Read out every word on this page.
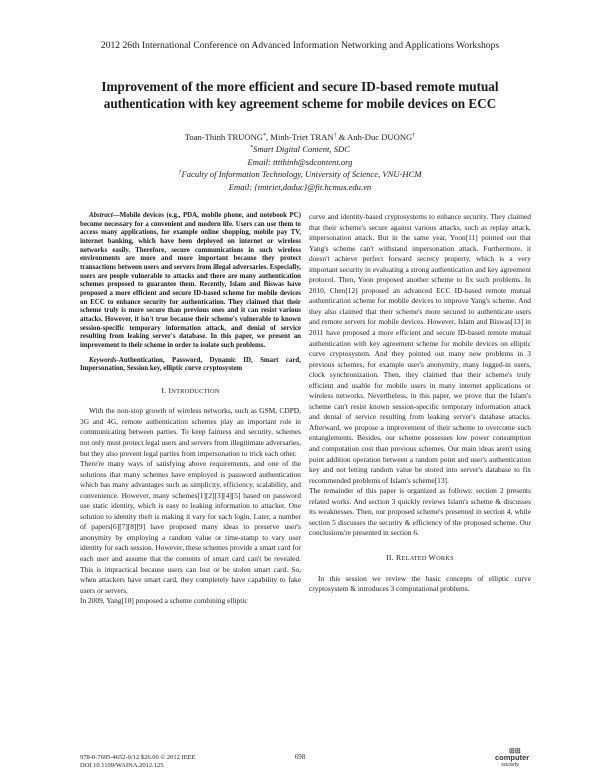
2012 26th International Conference on Advanced Information Networking and Applications Workshops
Improvement of the more efficient and secure ID-based remote mutual
authentication with key agreement scheme for mobile devices on ECC
Toan-Thinh TRUONG*, Minh-Triet TRAN† & Anh-Duc DUONG†
*Smart Digital Content, SDC
Email: tttthinh@sdcontent.org
†Faculty of Information Technology, University of Science, VNU-HCM
Email: {tmtriet,daduc}@fit.hcmus.edu.vn

Abstract—Mobile devices (e.g., PDA, mobile phone, and notebook PC) become necessary for a convenient and modern life. Users can use them to access many applications, for example online shopping, mobile pay TV, internet banking, which have been deployed on internet or wireless networks easily. Therefore, secure communications in such wireless environments are more and more important because they protect transactions between users and servers from illegal adversaries. Especially, users are people vulnerable to attacks and there are many authentication schemes proposed to guarantee them. Recently, Islam and Biswas have proposed a more efficient and secure ID-based scheme for mobile devices on ECC to enhance security for authentication. They claimed that their scheme truly is more secure than previous ones and it can resist various attacks. However, it isn't true because their scheme's vulnerable to known session-specific temporary information attack, and denial of service resulting from leaking server's database. In this paper, we present an improvement to their scheme in order to isolate such problems.

Keywords-Authentication, Password, Dynamic ID, Smart card, Impersonation, Session key, elliptic curve cryptosystem

I. INTRODUCTION

With the non-stop growth of wireless networks, such as GSM, CDPD, 3G and 4G, remote authentication schemes play an important role in communicating between parties. To keep fairness and security, schemes not only must protect legal users and servers from illegitimate adversaries, but they also prevent legal parties from impersonation to trick each other.

There're many ways of satisfying above requirements, and one of the solutions that many schemes have employed is password authentication which has many advantages such as simplicity, efficiency, scalability, and convenience. However, many schemes[1][2][3][4][5] based on password use static identity, which is easy to leaking information to attacker. One solution to identity theft is making it vary for each login. Later, a number of papers[6][7][8][9] have proposed many ideas to preserve user's anonymity by employing a random value or time-stamp to vary user identity for each session. However, these schemes provide a smart card for each user and assume that the contents of smart card can't be revealed. This is impractical because users can lost or be stolen smart card. So, when attackers have smart card, they completely have capability to fake users or servers.

In 2009, Yang[10] proposed a scheme combining elliptic

curve and identity-based cryptosystems to enhance security. They claimed that their scheme's secure against various attacks, such as replay attack, impersonation attack. But in the same year, Yoon[11] pointed out that Yang's scheme can't withstand impersonation attack. Furthermore, it doesn't achieve perfect forward secrecy property, which is a very important security in evaluating a strong authentication and key agreement protocol. Then, Yoon proposed another scheme to fix such problems. In 2010, Chen[12] proposed an advanced ECC ID-based remote mutual authentication scheme for mobile devices to improve Yang's scheme. And they also claimed that their scheme's more secured to authenticate users and remote servers for mobile devices. However, Islam and Biswas[13] in 2011 have proposed a more efficient and secure ID-based remote mutual authentication with key agreement scheme for mobile devices on elliptic curve cryptosystem. And they pointed out many new problems in 3 previous schemes, for example user's anonymity, many logged-in users, clock synchronization. Then, they claimed that their scheme's truly efficient and usable for mobile users in many internet applications or wireless networks. Nevertheless, in this paper, we prove that the Islam's scheme can't resist known session-specific temporary information attack and denial of service resulting from leaking server's database attacks. Afterward, we propose a improvement of their scheme to overcome such entanglements. Besides, our scheme possesses low power consumption and computation cost than previous schemes. Our main ideas aren't using point addition operation between a random point and user's authentication key and not letting random value be stored into server's database to fix recommended problems of Islam's scheme[13].

The remainder of this paper is organized as follows: section 2 presents related works. And section 3 quickly reviews Islam's scheme & discusses its weaknesses. Then, our proposed scheme's presented in section 4, while section 5 discusses the security & efficiency of the proposed scheme. Our conclusions're presented in section 6.

II. RELATED WORKS

In this session we review the basic concepts of elliptic curve cryptosystem & introduces 3 computational problems.

978-0-7695-4652-0/12 $26.00 © 2012 IEEE
DOI 10.1109/WAINA.2012.125
698
⊞⊞
computer
society
